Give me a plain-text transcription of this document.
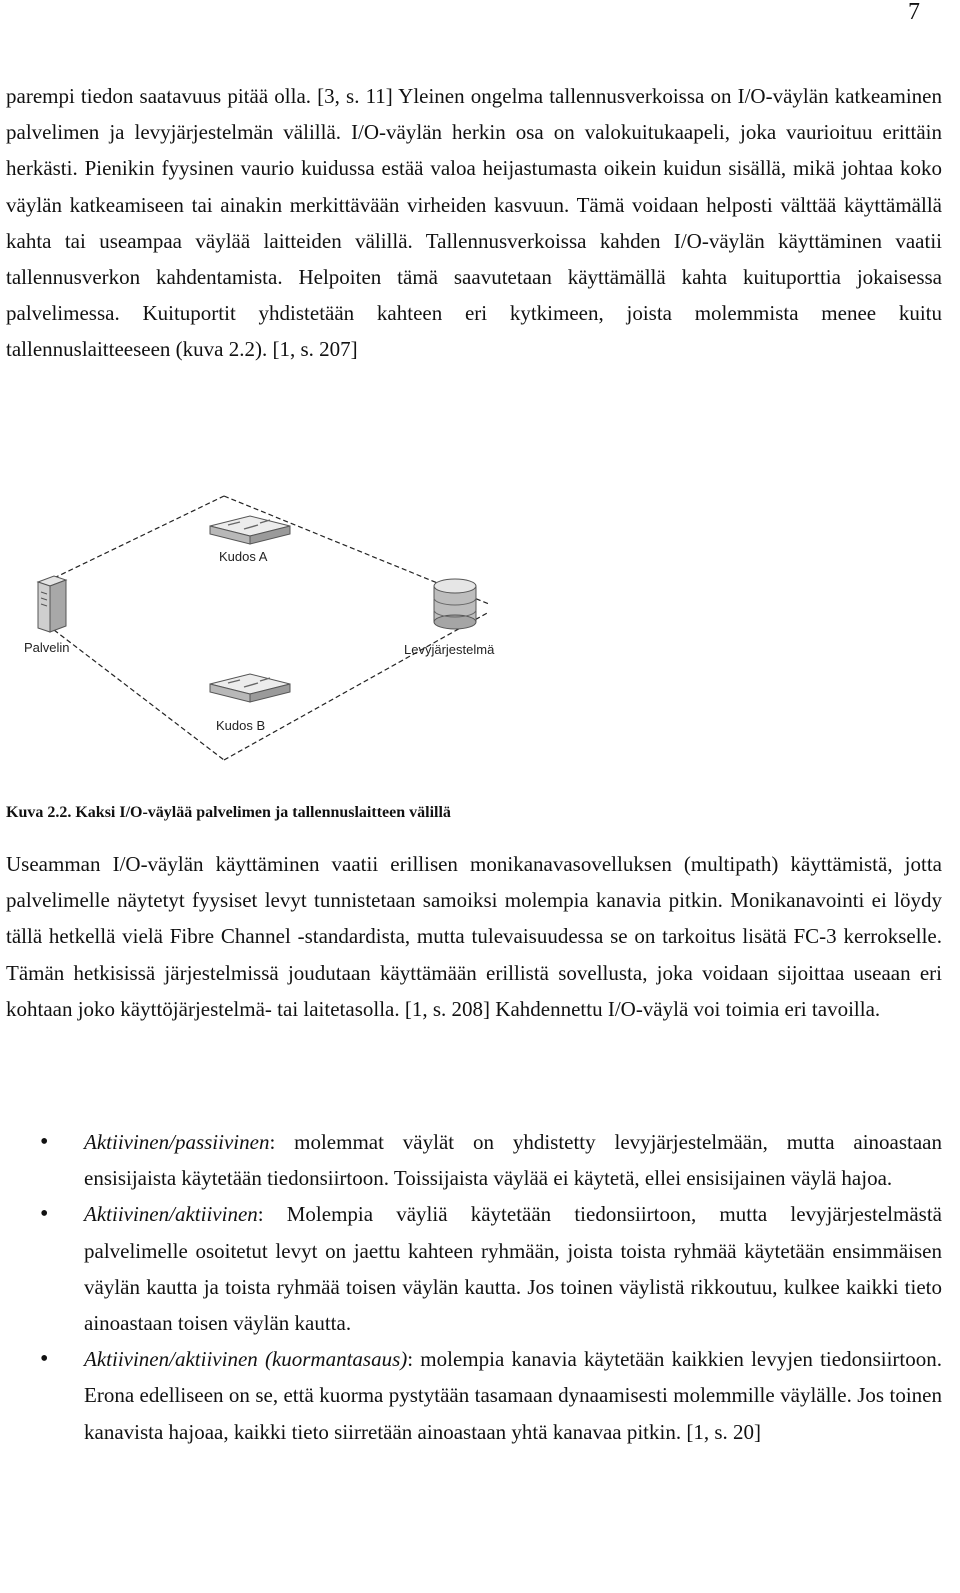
7

parempi tiedon saatavuus pitää olla. [3, s. 11] Yleinen ongelma tallennusverkoissa on I/O-väylän katkeaminen palvelimen ja levyjärjestelmän välillä. I/O-väylän herkin osa on valokuitukaapeli, joka vaurioituu erittäin herkästi. Pienikin fyysinen vaurio kuidussa estää valoa heijastumasta oikein kuidun sisällä, mikä johtaa koko väylän katkeamiseen tai ainakin merkittävään virheiden kasvuun. Tämä voidaan helposti välttää käyttämällä kahta tai useampaa väylää laitteiden välillä. Tallennusverkoissa kahden I/O-väylän käyttäminen vaatii tallennusverkon kahdentamista. Helpoiten tämä saavutetaan käyttämällä kahta kuituporttia jokaisessa palvelimessa. Kuituportit yhdistetään kahteen eri kytkimeen, joista molemmista menee kuitu tallennuslaitteeseen (kuva 2.2). [1, s. 207]

Kudos A
Kudos B
Palvelin	Levyjärjestelmä
Kuva 2.2. Kaksi I/O-väylää palvelimen ja tallennuslaitteen välillä

Useamman I/O-väylän käyttäminen vaatii erillisen monikanavasovelluksen (multipath) käyttämistä, jotta palvelimelle näytetyt fyysiset levyt tunnistetaan samoiksi molempia kanavia pitkin. Monikanavointi ei löydy tällä hetkellä vielä Fibre Channel -standardista, mutta tulevaisuudessa se on tarkoitus lisätä FC-3 kerrokselle. Tämän hetkisissä järjestelmissä joudutaan käyttämään erillistä sovellusta, joka voidaan sijoittaa useaan eri kohtaan joko käyttöjärjestelmä- tai laitetasolla. [1, s. 208] Kahdennettu I/O-väylä voi toimia eri tavoilla.

• Aktiivinen/passiivinen: molemmat väylät on yhdistetty levyjärjestelmään, mutta ainoastaan ensisijaista käytetään tiedonsiirtoon. Toissijaista väylää ei käytetä, ellei ensisijainen väylä hajoa.
• Aktiivinen/aktiivinen: Molempia väyliä käytetään tiedonsiirtoon, mutta levyjärjestelmästä palvelimelle osoitetut levyt on jaettu kahteen ryhmään, joista toista ryhmää käytetään ensimmäisen väylän kautta ja toista ryhmää toisen väylän kautta. Jos toinen väylistä rikkoutuu, kulkee kaikki tieto ainoastaan toisen väylän kautta.
• Aktiivinen/aktiivinen (kuormantasaus): molempia kanavia käytetään kaikkien levyjen tiedonsiirtoon. Erona edelliseen on se, että kuorma pystytään tasamaan dynaamisesti molemmille väylälle. Jos toinen kanavista hajoaa, kaikki tieto siirretään ainoastaan yhtä kanavaa pitkin. [1, s. 20]
